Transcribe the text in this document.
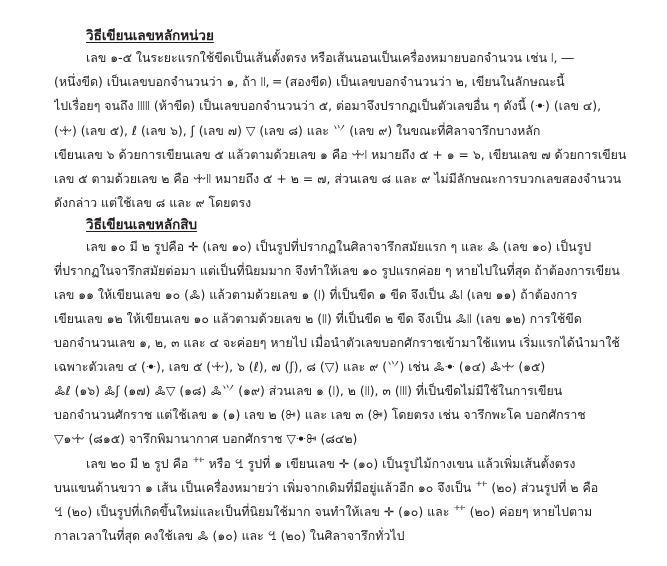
วิธีเขียนเลขหลักหน่วย
เลข ๑-๕ ในระยะแรกใช้ขีดเป็นเส้นตั้งตรง หรือเส้นนอนเป็นเครื่องหมายบอกจำนวน เช่น ꘡, ―
(หนึ่งขีด) เป็นเลขบอกจำนวนว่า ๑, ถ้า ꘡꘡, ═ (สองขีด) เป็นเลขบอกจำนวนว่า ๒, เขียนในลักษณะนี้
ไปเรื่อยๆ จนถึง ꘡꘡꘡꘡꘡ (ห้าขีด) เป็นเลขบอกจำนวนว่า ๕, ต่อมาจึงปรากฏเป็นตัวเลขอื่น ๆ ดังนี้ (ꔹ) (เลข ๔),
(ꔺ) (เลข ๕), ℓ (เลข ๖), ʃ (เลข ๗) ▽ (เลข ๘) และ ⺍ (เลข ๙) ในขณะที่ศิลาจารึกบางหลัก
เขียนเลข ๖ ด้วยการเขียนเลข ๕ แล้วตามด้วยเลข ๑ คือ ꔺ꘡ หมายถึง ๕ + ๑ = ๖, เขียนเลข ๗ ด้วยการเขียน
เลข ๕ ตามด้วยเลข ๒ คือ ꔺ꘡꘡ หมายถึง ๕ + ๒ = ๗, ส่วนเลข ๘ และ ๙ ไม่มีลักษณะการบวกเลขสองจำนวน
ดังกล่าว แต่ใช้เลข ๘ และ ๙ โดยตรง
วิธีเขียนเลขหลักสิบ
เลข ๑๐ มี ๒ รูปคือ ✛ (เลข ๑๐) เป็นรูปที่ปรากฏในศิลาจารึกสมัยแรก ๆ และ ꔆ (เลข ๑๐) เป็นรูป
ที่ปรากฏในจารึกสมัยต่อมา แต่เป็นที่นิยมมาก จึงทำให้เลข ๑๐ รูปแรกค่อย ๆ หายไปในที่สุด ถ้าต้องการเขียน
เลข ๑๑ ให้เขียนเลข ๑๐ (ꔆ) แล้วตามด้วยเลข ๑ (꘡) ที่เป็นขีด ๑ ขีด จึงเป็น ꔆ꘡ (เลข ๑๑) ถ้าต้องการ
เขียนเลข ๑๒ ให้เขียนเลข ๑๐ แล้วตามด้วยเลข ๒ (꘡꘡) ที่เป็นขีด ๒ ขีด จึงเป็น ꔆ꘡꘡ (เลข ๑๒) การใช้ขีด
บอกจำนวนเลข ๑, ๒, ๓ และ ๔ จะค่อยๆ หายไป เมื่อนำตัวเลขบอกศักราชเข้ามาใช้แทน เริ่มแรกได้นำมาใช้
เฉพาะตัวเลข ๔ (ꔹ), เลข ๕ (ꔺ), ๖ (ℓ), ๗ (ʃ), ๘ (▽) และ ๙ (⺍) เช่น ꔆꔹ (๑๔) ꔆꔺ (๑๕)
ꔆℓ (๑๖) ꔆʃ (๑๗) ꔆ▽ (๑๘) ꔆ⺍ (๑๙) ส่วนเลข ๑ (꘡), ๒ (꘡꘡), ๓ (꘡꘡꘡) ที่เป็นขีดไม่มีใช้ในการเขียน
บอกจำนวนศักราช แต่ใช้เลข ๑ (๑) เลข ๒ (ꔻ) และ เลข ๓ (ꔼ) โดยตรง เช่น จารึกพะโค บอกศักราช
▽๑ꔺ (๘๑๕) จารึกพิมานากาศ บอกศักราช ▽ꔹꔻ (๘๔๒)
เลข ๒๐ มี ๒ รูป คือ ⺿ หรือ ꔇ รูปที่ ๑ เขียนเลข ✛ (๑๐) เป็นรูปไม้กางเขน แล้วเพิ่มเส้นตั้งตรง
บนแขนด้านขวา ๑ เส้น เป็นเครื่องหมายว่า เพิ่มจากเดิมที่มีอยู่แล้วอีก ๑๐ จึงเป็น ⺿ (๒๐) ส่วนรูปที่ ๒ คือ
ꔇ (๒๐) เป็นรูปที่เกิดขึ้นใหม่และเป็นที่นิยมใช้มาก จนทำให้เลข ✛ (๑๐) และ ⺿ (๒๐) ค่อยๆ หายไปตาม
กาลเวลาในที่สุด คงใช้เลข ꔆ (๑๐) และ ꔇ (๒๐) ในศิลาจารึกทั่วไป
